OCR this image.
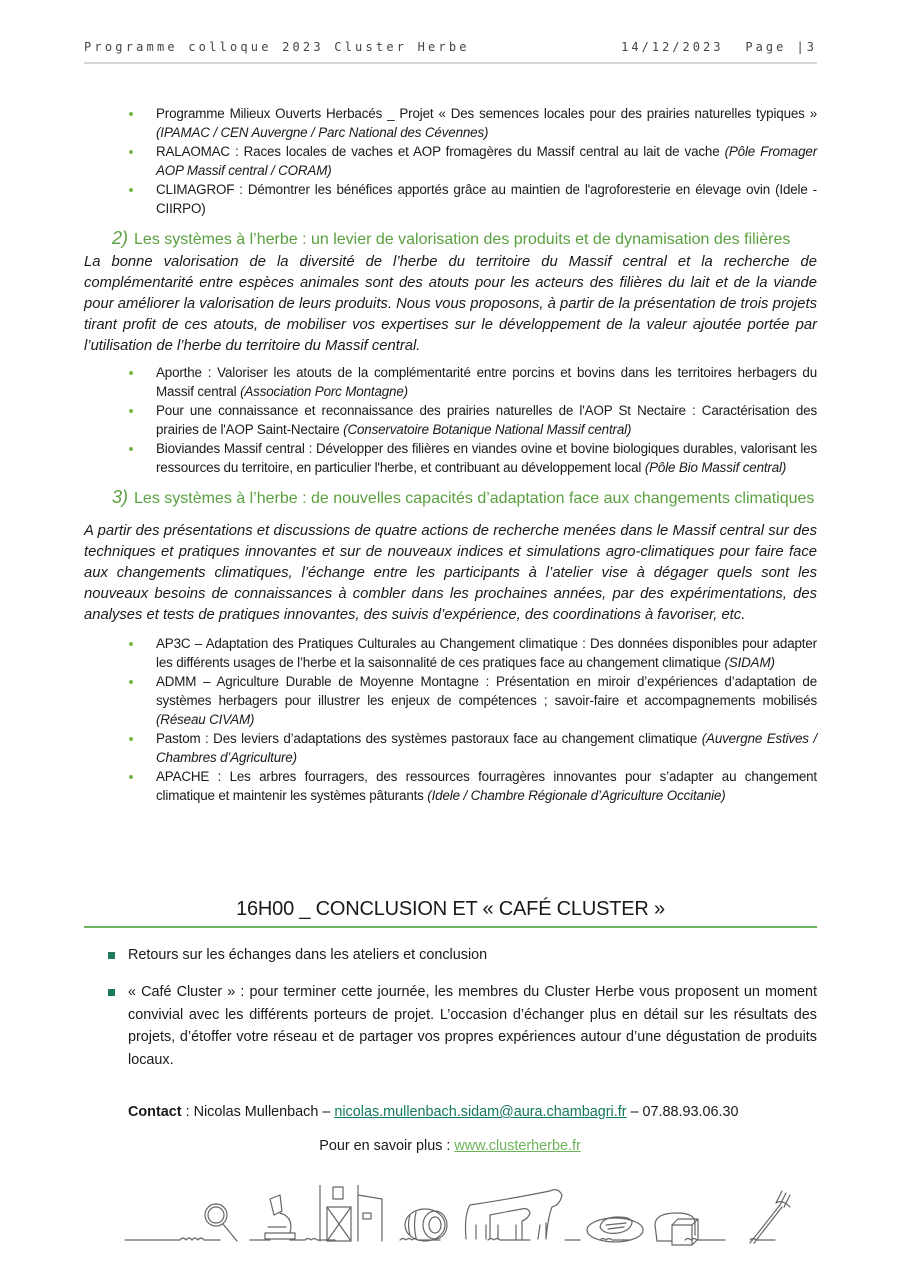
Programme colloque 2023 Cluster Herbe	14/12/2023 Page |3
Programme Milieux Ouverts Herbacés _ Projet « Des semences locales pour des prairies naturelles typiques » (IPAMAC / CEN Auvergne / Parc National des Cévennes)
RALAOMAC : Races locales de vaches et AOP fromagères du Massif central au lait de vache (Pôle Fromager AOP Massif central / CORAM)
CLIMAGROF : Démontrer les bénéfices apportés grâce au maintien de l'agroforesterie en élevage ovin (Idele - CIIRPO)
2) Les systèmes à l’herbe : un levier de valorisation des produits et de dynamisation des filières

La bonne valorisation de la diversité de l’herbe du territoire du Massif central et la recherche de complémentarité entre espèces animales sont des atouts pour les acteurs des filières du lait et de la viande pour améliorer la valorisation de leurs produits. Nous vous proposons, à partir de la présentation de trois projets tirant profit de ces atouts, de mobiliser vos expertises sur le développement de la valeur ajoutée portée par l’utilisation de l’herbe du territoire du Massif central.

Aporthe : Valoriser les atouts de la complémentarité entre porcins et bovins dans les territoires herbagers du Massif central (Association Porc Montagne)
Pour une connaissance et reconnaissance des prairies naturelles de l'AOP St Nectaire : Caractérisation des prairies de l'AOP Saint-Nectaire (Conservatoire Botanique National Massif central)
Bioviandes Massif central : Développer des filières en viandes ovine et bovine biologiques durables, valorisant les ressources du territoire, en particulier l'herbe, et contribuant au développement local (Pôle Bio Massif central)
3) Les systèmes à l’herbe : de nouvelles capacités d’adaptation face aux changements climatiques

A partir des présentations et discussions de quatre actions de recherche menées dans le Massif central sur des techniques et pratiques innovantes et sur de nouveaux indices et simulations agro-climatiques pour faire face aux changements climatiques, l’échange entre les participants à l’atelier vise à dégager quels sont les nouveaux besoins de connaissances à combler dans les prochaines années, par des expérimentations, des analyses et tests de pratiques innovantes, des suivis d’expérience, des coordinations à favoriser, etc.

AP3C – Adaptation des Pratiques Culturales au Changement climatique : Des données disponibles pour adapter les différents usages de l’herbe et la saisonnalité de ces pratiques face au changement climatique (SIDAM)
ADMM – Agriculture Durable de Moyenne Montagne : Présentation en miroir d’expériences d’adaptation de systèmes herbagers pour illustrer les enjeux de compétences ; savoir-faire et accompagnements mobilisés (Réseau CIVAM)
Pastom : Des leviers d’adaptations des systèmes pastoraux face au changement climatique (Auvergne Estives / Chambres d’Agriculture)
APACHE : Les arbres fourragers, des ressources fourragères innovantes pour s’adapter au changement climatique et maintenir les systèmes pâturants (Idele / Chambre Régionale d’Agriculture Occitanie)
16H00 _ CONCLUSION ET « CAFÉ CLUSTER »
Retours sur les échanges dans les ateliers et conclusion
« Café Cluster » : pour terminer cette journée, les membres du Cluster Herbe vous proposent un moment convivial avec les différents porteurs de projet. L’occasion d’échanger plus en détail sur les résultats des projets, d’étoffer votre réseau et de partager vos propres expériences autour d’une dégustation de produits locaux.
Contact : Nicolas Mullenbach – nicolas.mullenbach.sidam@aura.chambagri.fr – 07.88.93.06.30
Pour en savoir plus : www.clusterherbe.fr
